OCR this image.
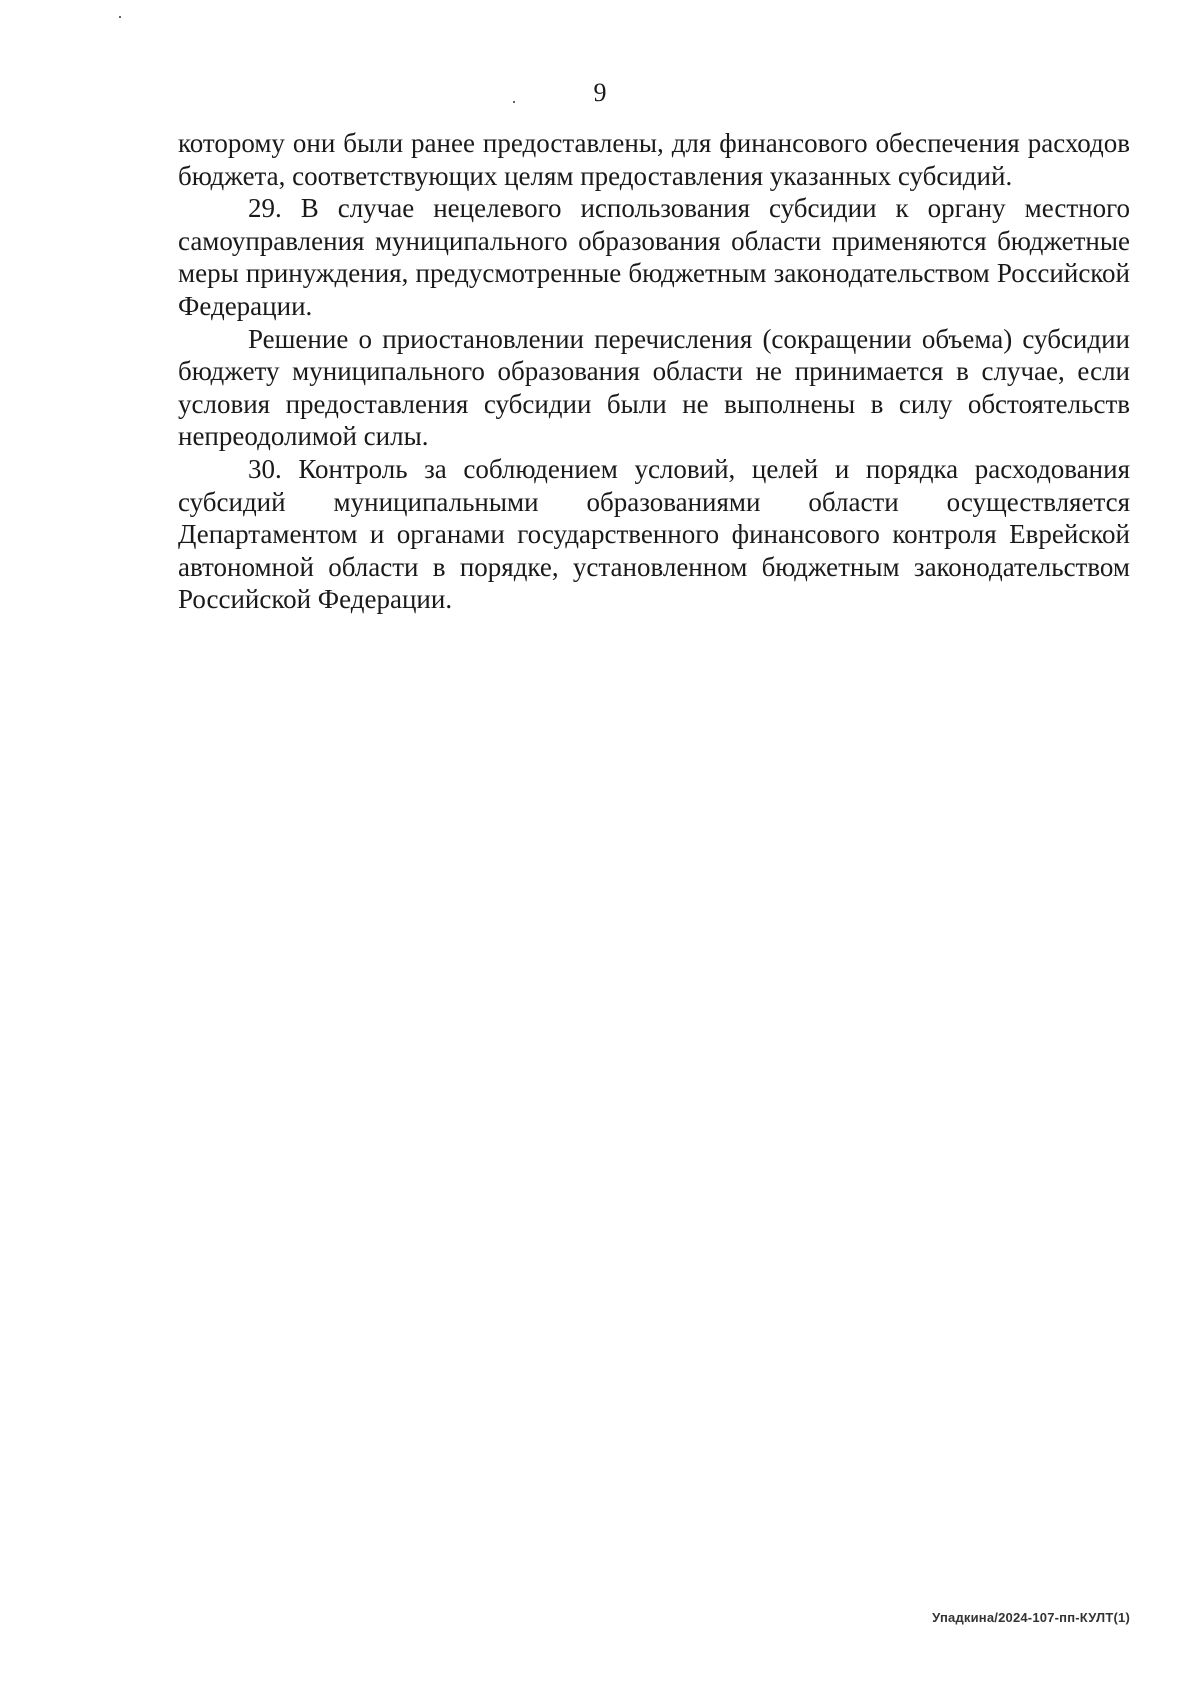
9

которому они были ранее предоставлены, для финансового обеспечения расходов бюджета, соответствующих целям предоставления указанных субсидий.

29. В случае нецелевого использования субсидии к органу местного самоуправления муниципального образования области применяются бюджетные меры принуждения, предусмотренные бюджетным законодательством Российской Федерации.

Решение о приостановлении перечисления (сокращении объема) субсидии бюджету муниципального образования области не принимается в случае, если условия предоставления субсидии были не выполнены в силу обстоятельств непреодолимой силы.

30. Контроль за соблюдением условий, целей и порядка расходования субсидий муниципальными образованиями области осуществляется Департаментом и органами государственного финансового контроля Еврейской автономной области в порядке, установленном бюджетным законодательством Российской Федерации.

Упадкина/2024-107-пп-КУЛТ(1)
